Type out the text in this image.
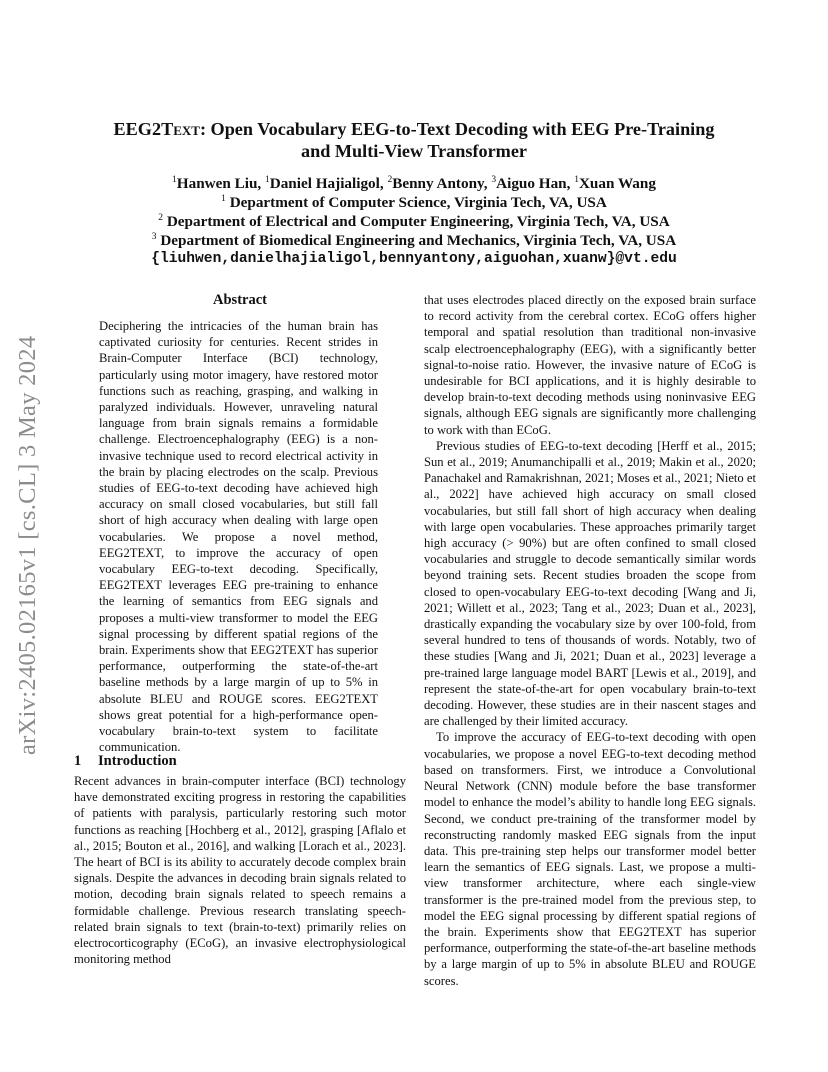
arXiv:2405.02165v1 [cs.CL] 3 May 2024
EEG2Text: Open Vocabulary EEG-to-Text Decoding with EEG Pre-Training
and Multi-View Transformer
$^1$Hanwen Liu, $^1$Daniel Hajialigol, $^2$Benny Antony, $^3$Aiguo Han, $^1$Xuan Wang
$^1$ Department of Computer Science, Virginia Tech, VA, USA
$^2$ Department of Electrical and Computer Engineering, Virginia Tech, VA, USA
$^3$ Department of Biomedical Engineering and Mechanics, Virginia Tech, VA, USA
{liuhwen,danielhajialigol,bennyantony,aiguohan,xuanw}@vt.edu
Abstract
Deciphering the intricacies of the human brain has captivated curiosity for centuries. Recent strides in Brain-Computer Interface (BCI) technology, particularly using motor imagery, have restored motor functions such as reaching, grasping, and walking in paralyzed individuals. However, unraveling natural language from brain signals remains a formidable challenge. Electroencephalography (EEG) is a non-invasive technique used to record electrical activity in the brain by placing electrodes on the scalp. Previous studies of EEG-to-text decoding have achieved high accuracy on small closed vocabularies, but still fall short of high accuracy when dealing with large open vocabularies. We propose a novel method, EEG2TEXT, to improve the accuracy of open vocabulary EEG-to-text decoding. Specifically, EEG2TEXT leverages EEG pre-training to enhance the learning of semantics from EEG signals and proposes a multi-view transformer to model the EEG signal processing by different spatial regions of the brain. Experiments show that EEG2TEXT has superior performance, outperforming the state-of-the-art baseline methods by a large margin of up to 5% in absolute BLEU and ROUGE scores. EEG2TEXT shows great potential for a high-performance open-vocabulary brain-to-text system to facilitate communication.
1 Introduction
Recent advances in brain-computer interface (BCI) technology have demonstrated exciting progress in restoring the capabilities of patients with paralysis, particularly restoring such motor functions as reaching [Hochberg et al., 2012], grasping [Aflalo et al., 2015; Bouton et al., 2016], and walking [Lorach et al., 2023]. The heart of BCI is its ability to accurately decode complex brain signals. Despite the advances in decoding brain signals related to motion, decoding brain signals related to speech remains a formidable challenge. Previous research translating speech-related brain signals to text (brain-to-text) primarily relies on electrocorticography (ECoG), an invasive electrophysiological monitoring method

that uses electrodes placed directly on the exposed brain surface to record activity from the cerebral cortex. ECoG offers higher temporal and spatial resolution than traditional non-invasive scalp electroencephalography (EEG), with a significantly better signal-to-noise ratio. However, the invasive nature of ECoG is undesirable for BCI applications, and it is highly desirable to develop brain-to-text decoding methods using noninvasive EEG signals, although EEG signals are significantly more challenging to work with than ECoG.

Previous studies of EEG-to-text decoding [Herff et al., 2015; Sun et al., 2019; Anumanchipalli et al., 2019; Makin et al., 2020; Panachakel and Ramakrishnan, 2021; Moses et al., 2021; Nieto et al., 2022] have achieved high accuracy on small closed vocabularies, but still fall short of high accuracy when dealing with large open vocabularies. These approaches primarily target high accuracy (> 90%) but are often confined to small closed vocabularies and struggle to decode semantically similar words beyond training sets. Recent studies broaden the scope from closed to open-vocabulary EEG-to-text decoding [Wang and Ji, 2021; Willett et al., 2023; Tang et al., 2023; Duan et al., 2023], drastically expanding the vocabulary size by over 100-fold, from several hundred to tens of thousands of words. Notably, two of these studies [Wang and Ji, 2021; Duan et al., 2023] leverage a pre-trained large language model BART [Lewis et al., 2019], and represent the state-of-the-art for open vocabulary brain-to-text decoding. However, these studies are in their nascent stages and are challenged by their limited accuracy.

To improve the accuracy of EEG-to-text decoding with open vocabularies, we propose a novel EEG-to-text decoding method based on transformers. First, we introduce a Convolutional Neural Network (CNN) module before the base transformer model to enhance the model’s ability to handle long EEG signals. Second, we conduct pre-training of the transformer model by reconstructing randomly masked EEG signals from the input data. This pre-training step helps our transformer model better learn the semantics of EEG signals. Last, we propose a multi-view transformer architecture, where each single-view transformer is the pre-trained model from the previous step, to model the EEG signal processing by different spatial regions of the brain. Experiments show that EEG2TEXT has superior performance, outperforming the state-of-the-art baseline methods by a large margin of up to 5% in absolute BLEU and ROUGE scores.
